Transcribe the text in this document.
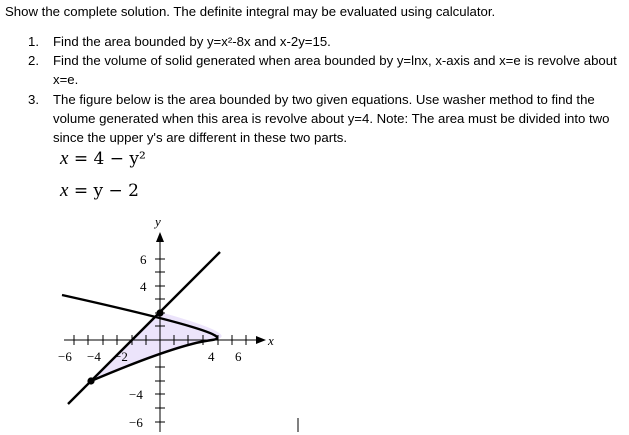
Show the complete solution. The definite integral may be evaluated using calculator.
1. Find the area bounded by y=x²-8x and x-2y=15.
2. Find the volume of solid generated when area bounded by y=lnx, x-axis and x=e is revolve about x=e.
3. The figure below is the area bounded by two given equations. Use washer method to find the volume generated when this area is revolve about y=4. Note: The area must be divided into two since the upper y's are different in these two parts.
x = 4 − y²
x = y − 2
y
x
−6 −4 −2	4 6
6
4
−4
−6
